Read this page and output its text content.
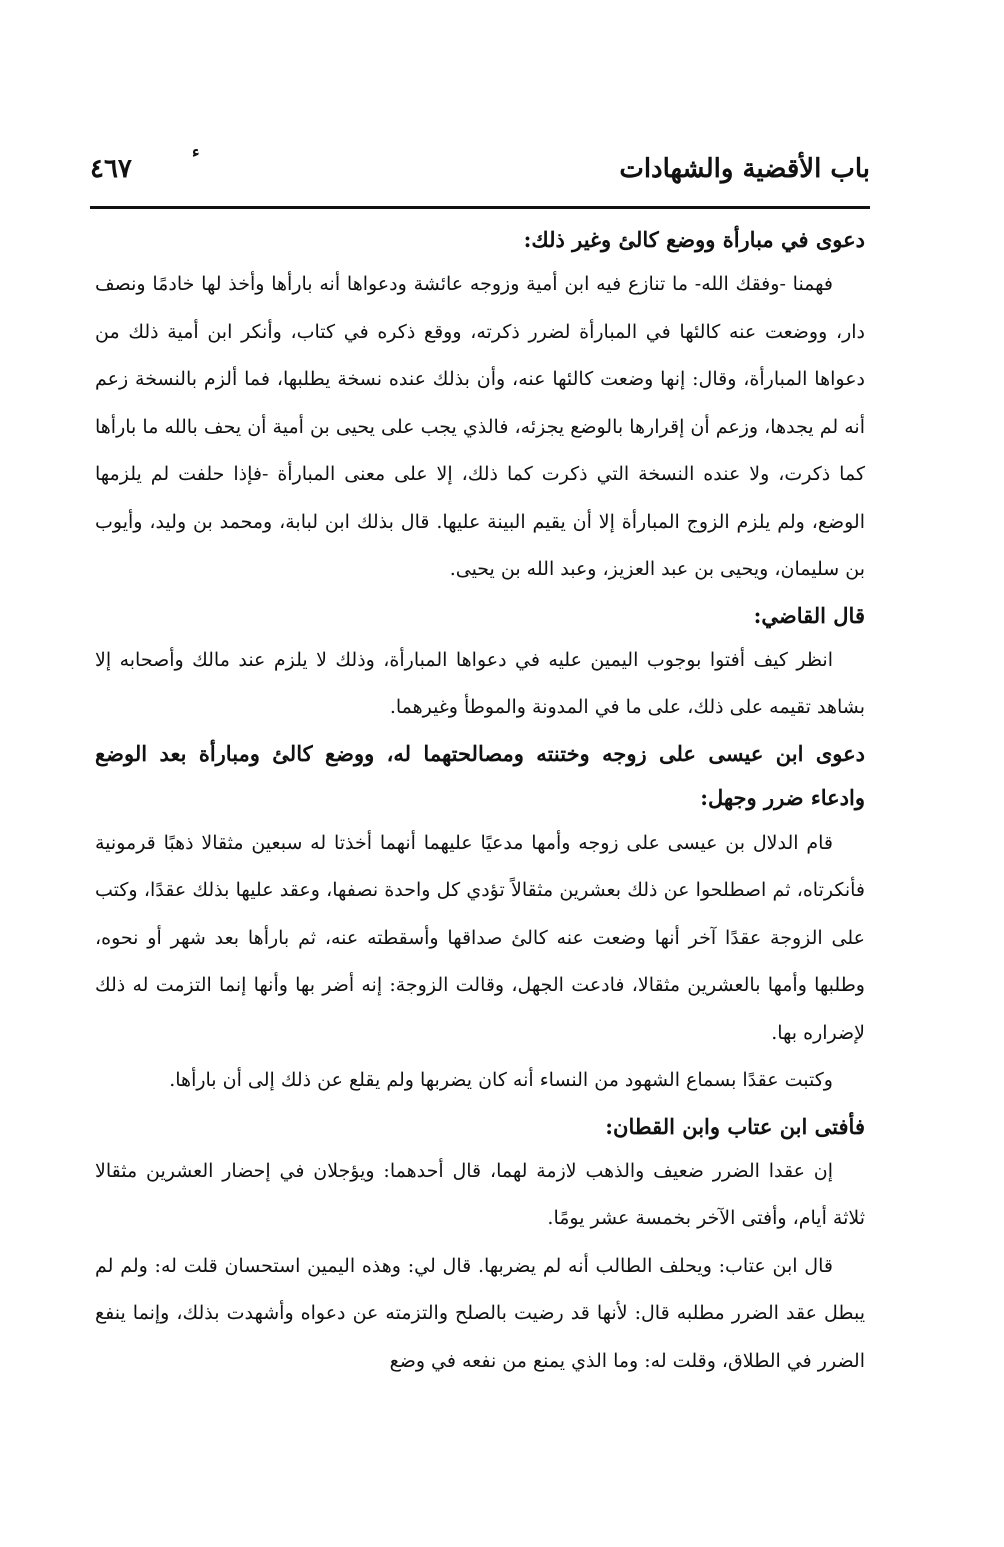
باب الأقضية والشهادات
ء
٤٦٧
دعوى في مبارأة ووضع كالئ وغير ذلك:

فهمنا -وفقك الله- ما تنازع فيه ابن أمية وزوجه عائشة ودعواها أنه بارأها وأخذ لها خادمًا ونصف دار، ووضعت عنه كالئها في المبارأة لضرر ذكرته، ووقع ذكره في كتاب، وأنكر ابن أمية ذلك من دعواها المبارأة، وقال: إنها وضعت كالئها عنه، وأن بذلك عنده نسخة يطلبها، فما ألزم بالنسخة زعم أنه لم يجدها، وزعم أن إقرارها بالوضع يجزئه، فالذي يجب على يحيى بن أمية أن يحف بالله ما بارأها كما ذكرت، ولا عنده النسخة التي ذكرت كما ذلك، إلا على معنى المبارأة -فإذا حلفت لم يلزمها الوضع، ولم يلزم الزوج المبارأة إلا أن يقيم البينة عليها. قال بذلك ابن لبابة، ومحمد بن وليد، وأيوب بن سليمان، ويحيى بن عبد العزيز، وعبد الله بن يحيى.

قال القاضي:

انظر كيف أفتوا بوجوب اليمين عليه في دعواها المبارأة، وذلك لا يلزم عند مالك وأصحابه إلا بشاهد تقيمه على ذلك، على ما في المدونة والموطأ وغيرهما.

دعوى ابن عيسى على زوجه وختنته ومصالحتهما له، ووضع كالئ ومبارأة بعد الوضع وادعاء ضرر وجهل:

قام الدلال بن عيسى على زوجه وأمها مدعيًا عليهما أنهما أخذتا له سبعين مثقالا ذهبًا قرمونية فأنكرتاه، ثم اصطلحوا عن ذلك بعشرين مثقالاً تؤدي كل واحدة نصفها، وعقد عليها بذلك عقدًا، وكتب على الزوجة عقدًا آخر أنها وضعت عنه كالئ صداقها وأسقطته عنه، ثم بارأها بعد شهر أو نحوه، وطلبها وأمها بالعشرين مثقالا، فادعت الجهل، وقالت الزوجة: إنه أضر بها وأنها إنما التزمت له ذلك لإضراره بها.

وكتبت عقدًا بسماع الشهود من النساء أنه كان يضربها ولم يقلع عن ذلك إلى أن بارأها.

فأفتى ابن عتاب وابن القطان:

إن عقدا الضرر ضعيف والذهب لازمة لهما، قال أحدهما: ويؤجلان في إحضار العشرين مثقالا ثلاثة أيام، وأفتى الآخر بخمسة عشر يومًا.

قال ابن عتاب: ويحلف الطالب أنه لم يضربها. قال لي: وهذه اليمين استحسان قلت له: ولم لم يبطل عقد الضرر مطلبه قال: لأنها قد رضيت بالصلح والتزمته عن دعواه وأشهدت بذلك، وإنما ينفع الضرر في الطلاق، وقلت له: وما الذي يمنع من نفعه في وضع
